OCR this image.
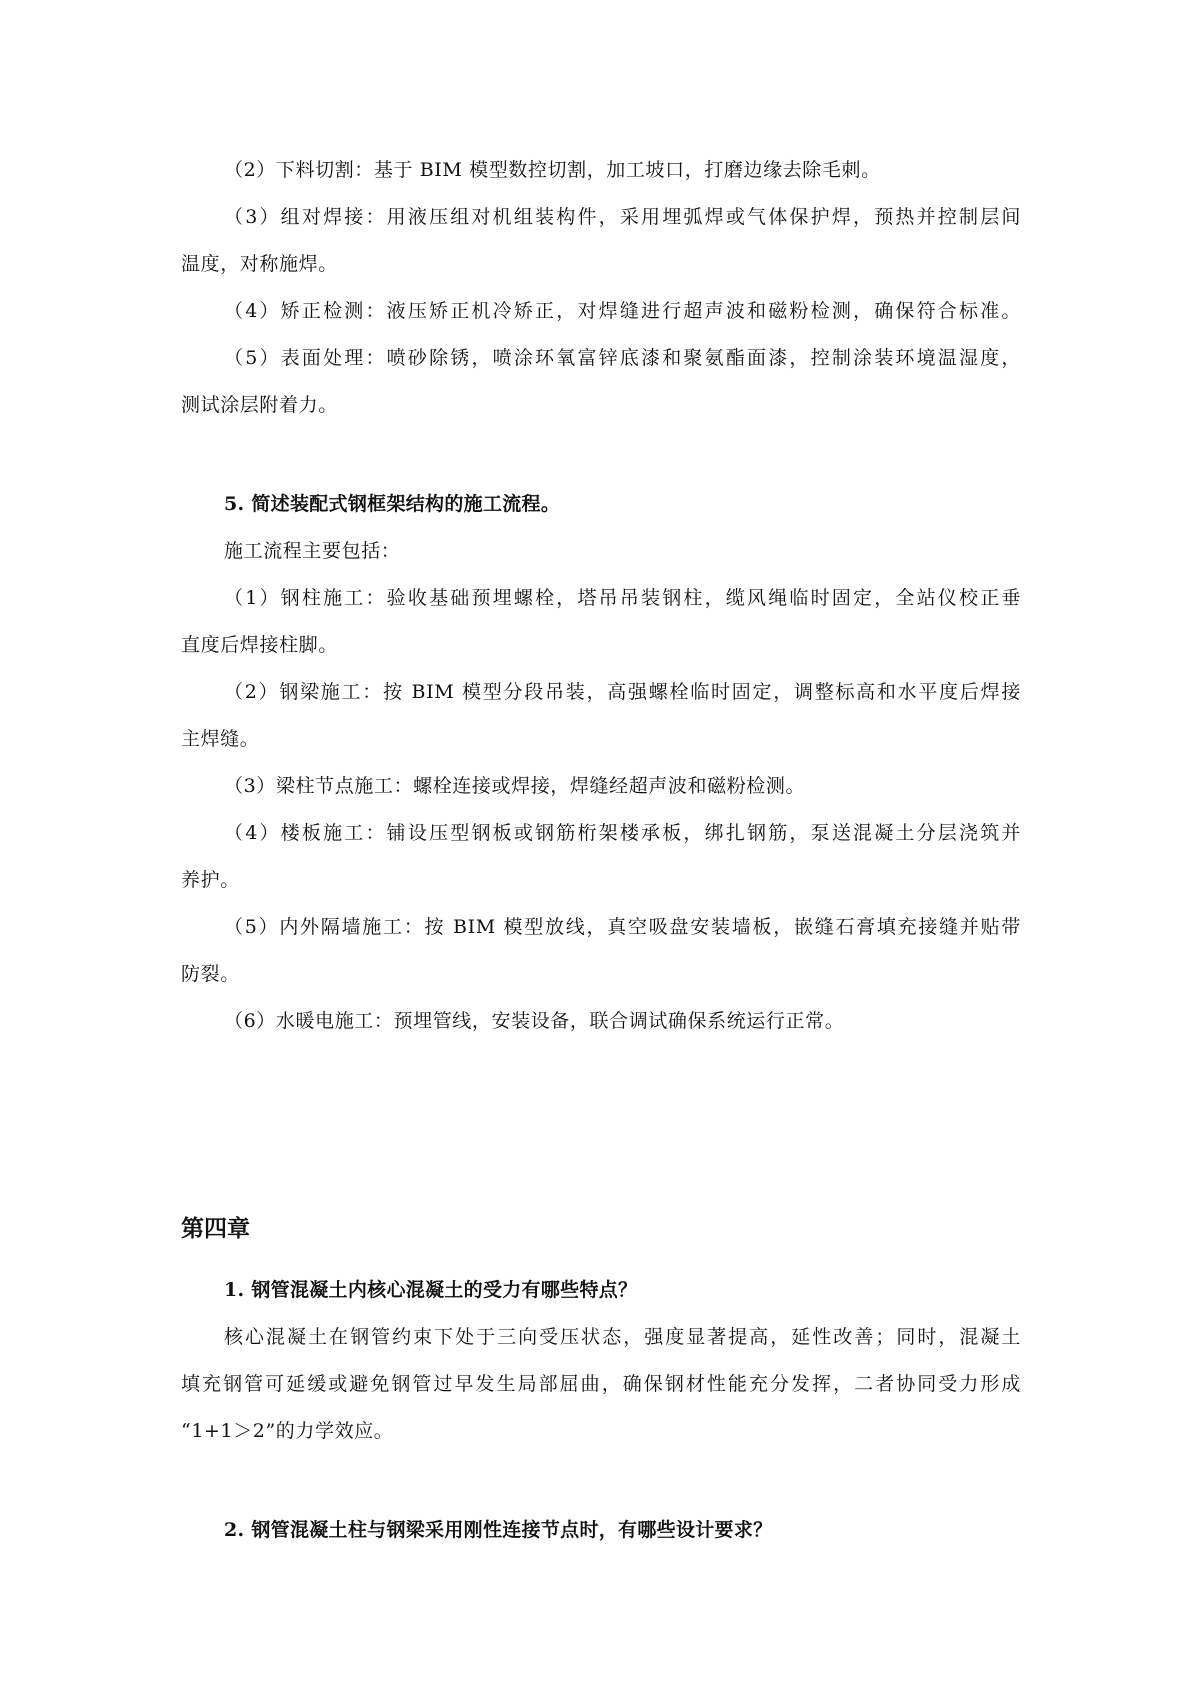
（2）下料切割：基于 BIM 模型数控切割，加工坡口，打磨边缘去除毛刺。
（3）组对焊接：用液压组对机组装构件，采用埋弧焊或气体保护焊，预热并控制层间
温度，对称施焊。
（4）矫正检测：液压矫正机冷矫正，对焊缝进行超声波和磁粉检测，确保符合标准。
（5）表面处理：喷砂除锈，喷涂环氧富锌底漆和聚氨酯面漆，控制涂装环境温湿度，
测试涂层附着力。
5. 简述装配式钢框架结构的施工流程。
施工流程主要包括：
（1）钢柱施工：验收基础预埋螺栓，塔吊吊装钢柱，缆风绳临时固定，全站仪校正垂
直度后焊接柱脚。
（2）钢梁施工：按 BIM 模型分段吊装，高强螺栓临时固定，调整标高和水平度后焊接
主焊缝。
（3）梁柱节点施工：螺栓连接或焊接，焊缝经超声波和磁粉检测。
（4）楼板施工：铺设压型钢板或钢筋桁架楼承板，绑扎钢筋，泵送混凝土分层浇筑并
养护。
（5）内外隔墙施工：按 BIM 模型放线，真空吸盘安装墙板，嵌缝石膏填充接缝并贴带
防裂。
（6）水暖电施工：预埋管线，安装设备，联合调试确保系统运行正常。
第四章
1. 钢管混凝土内核心混凝土的受力有哪些特点？
核心混凝土在钢管约束下处于三向受压状态，强度显著提高，延性改善；同时，混凝土
填充钢管可延缓或避免钢管过早发生局部屈曲，确保钢材性能充分发挥，二者协同受力形成
“1+1＞2”的力学效应。
2. 钢管混凝土柱与钢梁采用刚性连接节点时，有哪些设计要求？
